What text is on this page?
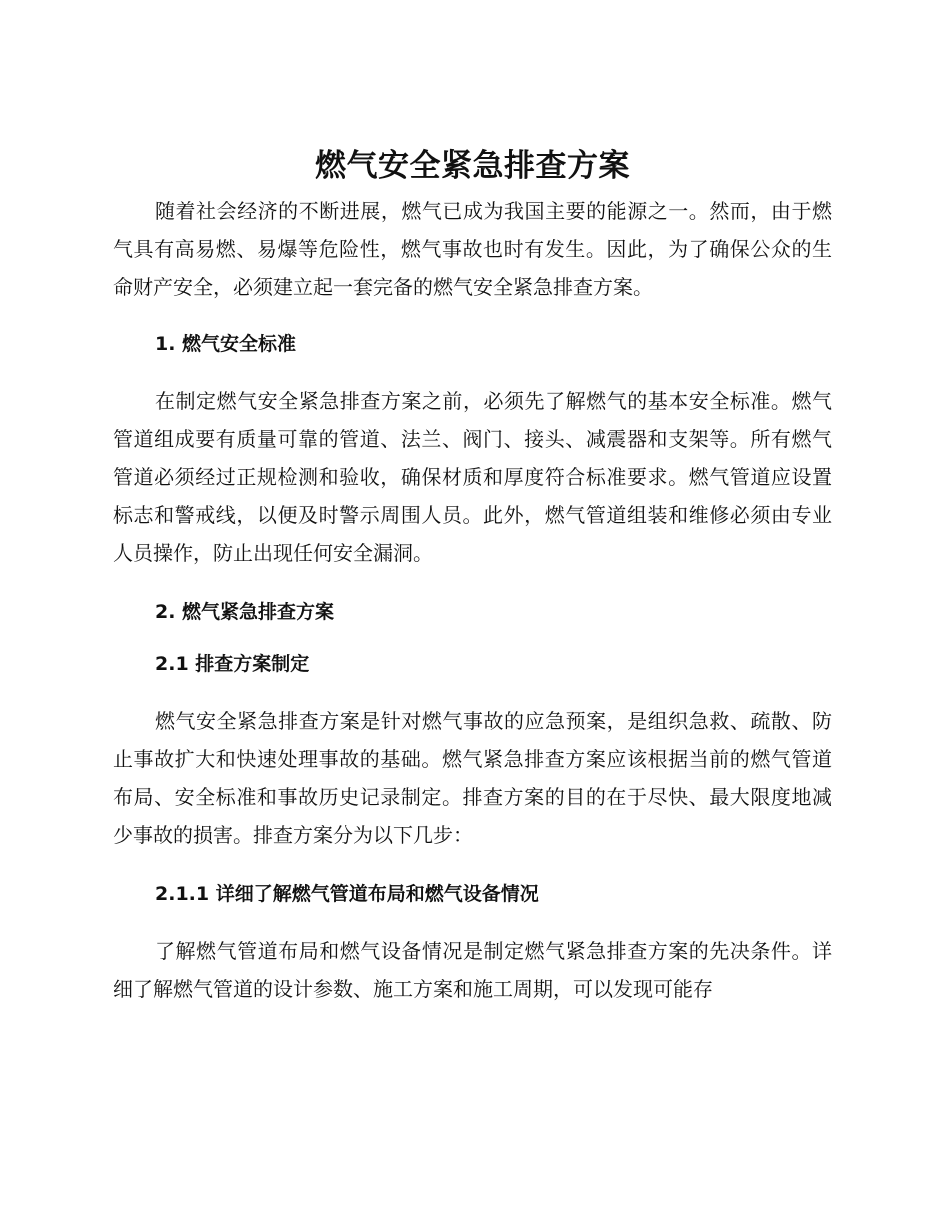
燃气安全紧急排查方案

随着社会经济的不断进展，燃气已成为我国主要的能源之一。然而，由于燃气具有高易燃、易爆等危险性，燃气事故也时有发生。因此，为了确保公众的生命财产安全，必须建立起一套完备的燃气安全紧急排查方案。

1. 燃气安全标准

在制定燃气安全紧急排查方案之前，必须先了解燃气的基本安全标准。燃气管道组成要有质量可靠的管道、法兰、阀门、接头、减震器和支架等。所有燃气管道必须经过正规检测和验收，确保材质和厚度符合标准要求。燃气管道应设置标志和警戒线，以便及时警示周围人员。此外，燃气管道组装和维修必须由专业人员操作，防止出现任何安全漏洞。

2. 燃气紧急排查方案
2.1 排查方案制定

燃气安全紧急排查方案是针对燃气事故的应急预案，是组织急救、疏散、防止事故扩大和快速处理事故的基础。燃气紧急排查方案应该根据当前的燃气管道布局、安全标准和事故历史记录制定。排查方案的目的在于尽快、最大限度地减少事故的损害。排查方案分为以下几步：

2.1.1 详细了解燃气管道布局和燃气设备情况

了解燃气管道布局和燃气设备情况是制定燃气紧急排查方案的先决条件。详细了解燃气管道的设计参数、施工方案和施工周期，可以发现可能存
